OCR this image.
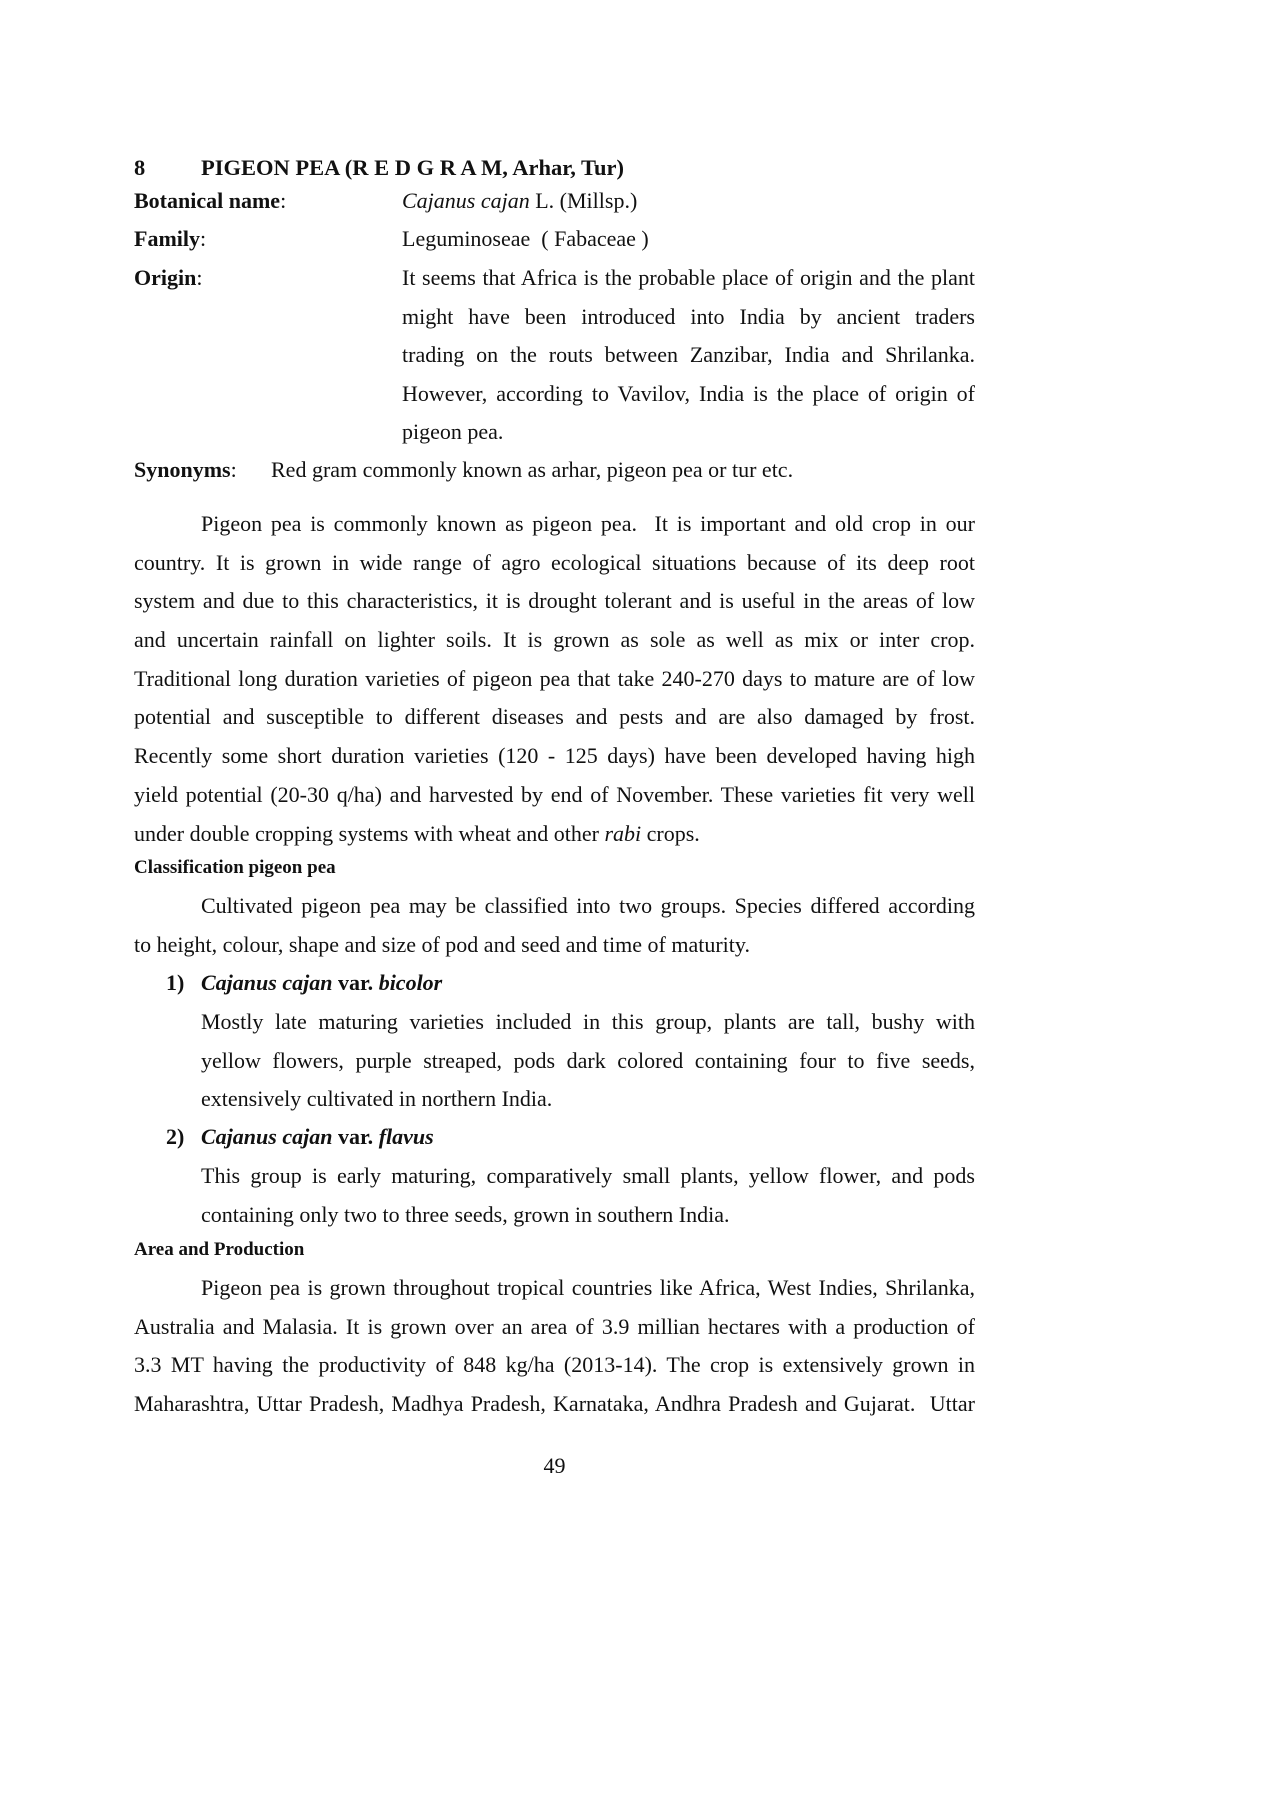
8 PIGEON PEA (R E D G R A M, Arhar, Tur)
Botanical name:	Cajanus cajan L. (Millsp.)
Family:	Leguminoseae  ( Fabaceae )
Origin:	It seems that Africa is the probable place of origin and the plant
might have been introduced into India by ancient traders
trading on the routs between Zanzibar, India and Shrilanka.
However, according to Vavilov, India is the place of origin of
pigeon pea.
Synonyms: Red gram commonly known as arhar, pigeon pea or tur etc.
Pigeon pea is commonly known as pigeon pea.  It is important and old crop in our
country. It is grown in wide range of agro ecological situations because of its deep root
system and due to this characteristics, it is drought tolerant and is useful in the areas of low
and uncertain rainfall on lighter soils. It is grown as sole as well as mix or inter crop.
Traditional long duration varieties of pigeon pea that take 240-270 days to mature are of low
potential and susceptible to different diseases and pests and are also damaged by frost.
Recently some short duration varieties (120 - 125 days) have been developed having high
yield potential (20-30 q/ha) and harvested by end of November. These varieties fit very well
under double cropping systems with wheat and other rabi crops.
Classification pigeon pea
Cultivated pigeon pea may be classified into two groups. Species differed according
to height, colour, shape and size of pod and seed and time of maturity.
1) Cajanus cajan var. bicolor
Mostly late maturing varieties included in this group, plants are tall, bushy with
yellow flowers, purple streaped, pods dark colored containing four to five seeds,
extensively cultivated in northern India.
2) Cajanus cajan var. flavus
This group is early maturing, comparatively small plants, yellow flower, and pods
containing only two to three seeds, grown in southern India.
Area and Production
Pigeon pea is grown throughout tropical countries like Africa, West Indies, Shrilanka,
Australia and Malasia. It is grown over an area of 3.9 millian hectares with a production of
3.3 MT having the productivity of 848 kg/ha (2013-14). The crop is extensively grown in
Maharashtra, Uttar Pradesh, Madhya Pradesh, Karnataka, Andhra Pradesh and Gujarat.  Uttar
49
